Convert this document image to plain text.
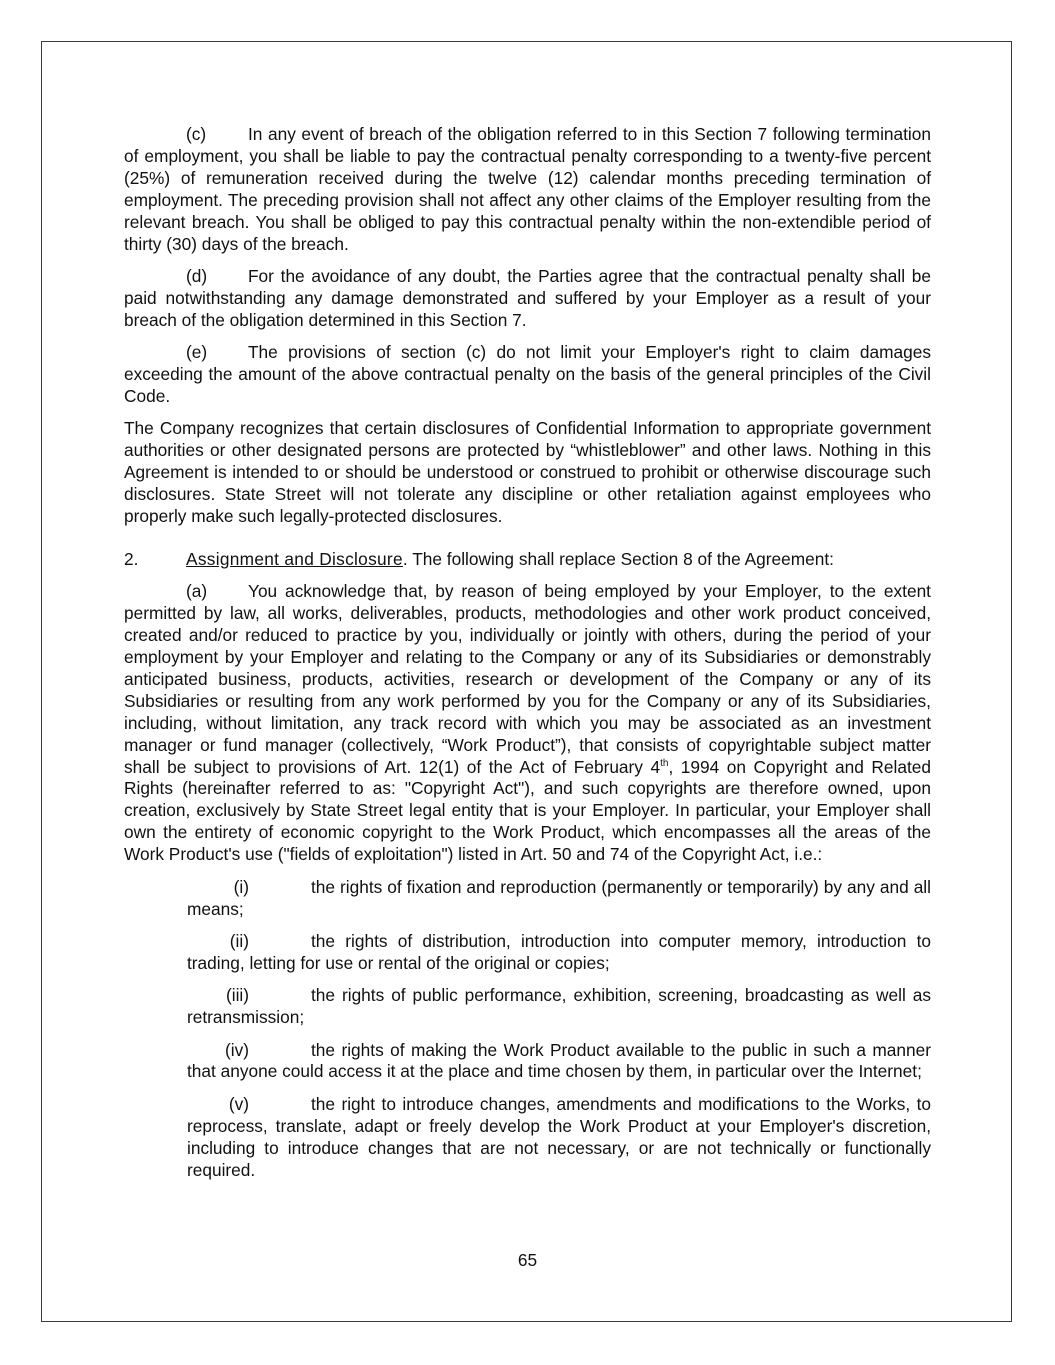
(c) In any event of breach of the obligation referred to in this Section 7 following termination of employment, you shall be liable to pay the contractual penalty corresponding to a twenty-five percent (25%) of remuneration received during the twelve (12) calendar months preceding termination of employment. The preceding provision shall not affect any other claims of the Employer resulting from the relevant breach. You shall be obliged to pay this contractual penalty within the non-extendible period of thirty (30) days of the breach.

(d) For the avoidance of any doubt, the Parties agree that the contractual penalty shall be paid notwithstanding any damage demonstrated and suffered by your Employer as a result of your breach of the obligation determined in this Section 7.

(e) The provisions of section (c) do not limit your Employer's right to claim damages exceeding the amount of the above contractual penalty on the basis of the general principles of the Civil Code.

The Company recognizes that certain disclosures of Confidential Information to appropriate government authorities or other designated persons are protected by “whistleblower” and other laws. Nothing in this Agreement is intended to or should be understood or construed to prohibit or otherwise discourage such disclosures. State Street will not tolerate any discipline or other retaliation against employees who properly make such legally-protected disclosures.

2.	Assignment and Disclosure. The following shall replace Section 8 of the Agreement:

(a) You acknowledge that, by reason of being employed by your Employer, to the extent permitted by law, all works, deliverables, products, methodologies and other work product conceived, created and/or reduced to practice by you, individually or jointly with others, during the period of your employment by your Employer and relating to the Company or any of its Subsidiaries or demonstrably anticipated business, products, activities, research or development of the Company or any of its Subsidiaries or resulting from any work performed by you for the Company or any of its Subsidiaries, including, without limitation, any track record with which you may be associated as an investment manager or fund manager (collectively, “Work Product”), that consists of copyrightable subject matter shall be subject to provisions of Art. 12(1) of the Act of February 4th, 1994 on Copyright and Related Rights (hereinafter referred to as: "Copyright Act"), and such copyrights are therefore owned, upon creation, exclusively by State Street legal entity that is your Employer. In particular, your Employer shall own the entirety of economic copyright to the Work Product, which encompasses all the areas of the Work Product's use ("fields of exploitation") listed in Art. 50 and 74 of the Copyright Act, i.e.:

(i)	the rights of fixation and reproduction (permanently or temporarily) by any and all means;

(ii)	the rights of distribution, introduction into computer memory, introduction to trading, letting for use or rental of the original or copies;

(iii)	the rights of public performance, exhibition, screening, broadcasting as well as retransmission;

(iv)	the rights of making the Work Product available to the public in such a manner that anyone could access it at the place and time chosen by them, in particular over the Internet;

(v)	the right to introduce changes, amendments and modifications to the Works, to reprocess, translate, adapt or freely develop the Work Product at your Employer's discretion, including to introduce changes that are not necessary, or are not technically or functionally required.

65
